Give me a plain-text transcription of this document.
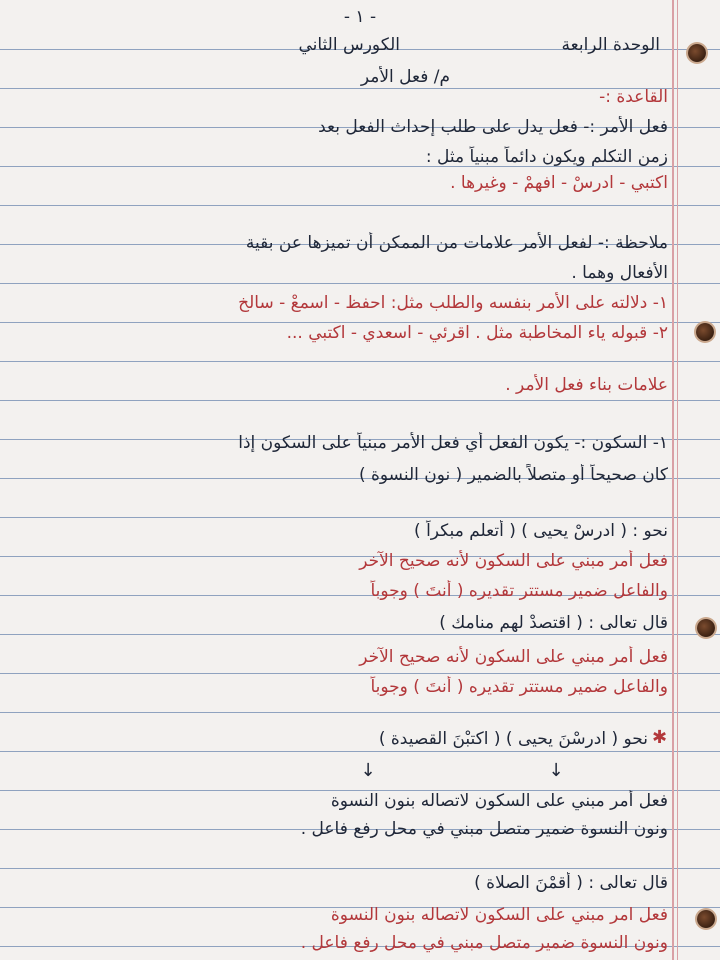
- ١ -
الوحدة الرابعة
الكورس الثاني
م/ فعل الأمر
القاعدة :-
فعل الأمر :- فعل يدل على طلب إحداث الفعل بعد
زمن التكلم ويكون دائماً مبنياً مثل :
اكتبي - ادرسْ - افهمْ - وغيرها .
ملاحظة :- لفعل الأمر علامات من الممكن أن تميزها عن بقية
الأفعال وهما .
١- دلالته على الأمر بنفسه والطلب مثل: احفظ - اسمعْ - سالخ
٢- قبوله ياء المخاطبة مثل . اقرئي - اسعدي - اكتبي ...
علامات بناء فعل الأمر .
١- السكون :- يكون الفعل أي فعل الأمر مبنياً على السكون إذا
كان صحيحاً أو متصلاً بالضمير ( نون النسوة )
نحو : ( ادرسْ يحيى ) ( أتعلم مبكراً )
فعل أمر مبني على السكون لأنه صحيح الآخر
والفاعل ضمير مستتر تقديره ( أنتَ ) وجوباً
قال تعالى : ( اقتصدْ لهم منامك )
فعل أمر مبني على السكون لأنه صحيح الآخر
والفاعل ضمير مستتر تقديره ( أنتَ ) وجوباً
✱
نحو ( ادرسْنَ يحيى ) ( اكتبْنَ القصيدة )
↓	↓
فعل أمر مبني على السكون لاتصاله بنون النسوة
ونون النسوة ضمير متصل مبني في محل رفع فاعل .
قال تعالى : ( أقمْنَ الصلاة )
فعل امر مبني على السكون لاتصاله بنون النسوة
ونون النسوة ضمير متصل مبني في محل رفع فاعل .
